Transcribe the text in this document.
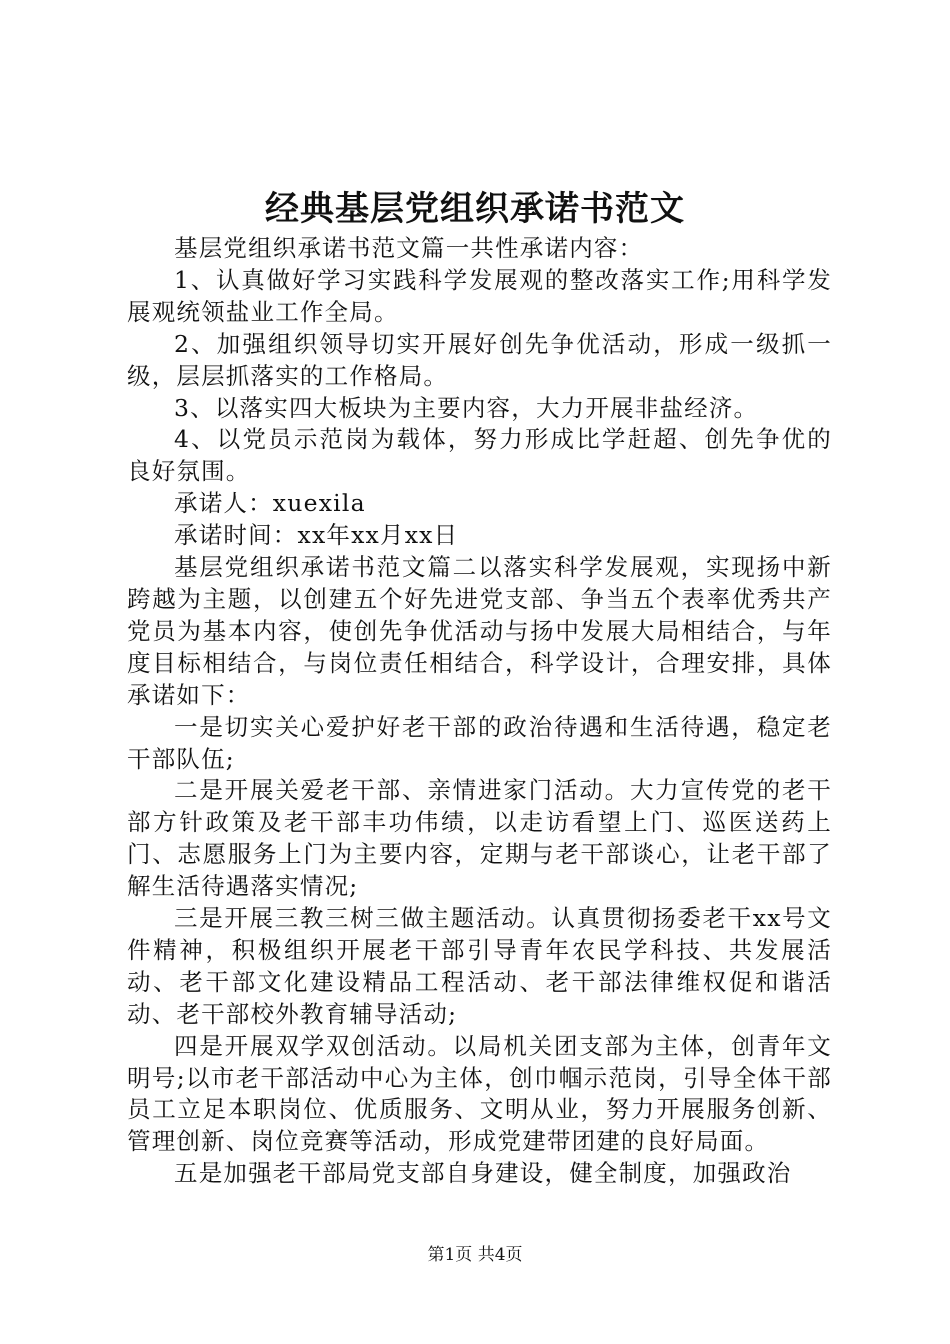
经典基层党组织承诺书范文

基层党组织承诺书范文篇一共性承诺内容：

1、认真做好学习实践科学发展观的整改落实工作;用科学发展观统领盐业工作全局。

2、加强组织领导切实开展好创先争优活动，形成一级抓一级，层层抓落实的工作格局。

3、以落实四大板块为主要内容，大力开展非盐经济。

4、以党员示范岗为载体，努力形成比学赶超、创先争优的良好氛围。

承诺人：xuexila

承诺时间：xx年xx月xx日

基层党组织承诺书范文篇二以落实科学发展观，实现扬中新跨越为主题，以创建五个好先进党支部、争当五个表率优秀共产党员为基本内容，使创先争优活动与扬中发展大局相结合，与年度目标相结合，与岗位责任相结合，科学设计，合理安排，具体承诺如下：

一是切实关心爱护好老干部的政治待遇和生活待遇，稳定老干部队伍;

二是开展关爱老干部、亲情进家门活动。大力宣传党的老干部方针政策及老干部丰功伟绩，以走访看望上门、巡医送药上门、志愿服务上门为主要内容，定期与老干部谈心，让老干部了解生活待遇落实情况;

三是开展三教三树三做主题活动。认真贯彻扬委老干xx号文件精神，积极组织开展老干部引导青年农民学科技、共发展活动、老干部文化建设精品工程活动、老干部法律维权促和谐活动、老干部校外教育辅导活动;

四是开展双学双创活动。以局机关团支部为主体，创青年文明号;以市老干部活动中心为主体，创巾帼示范岗，引导全体干部员工立足本职岗位、优质服务、文明从业，努力开展服务创新、管理创新、岗位竞赛等活动，形成党建带团建的良好局面。

五是加强老干部局党支部自身建设，健全制度，加强政治

第1页 共4页
